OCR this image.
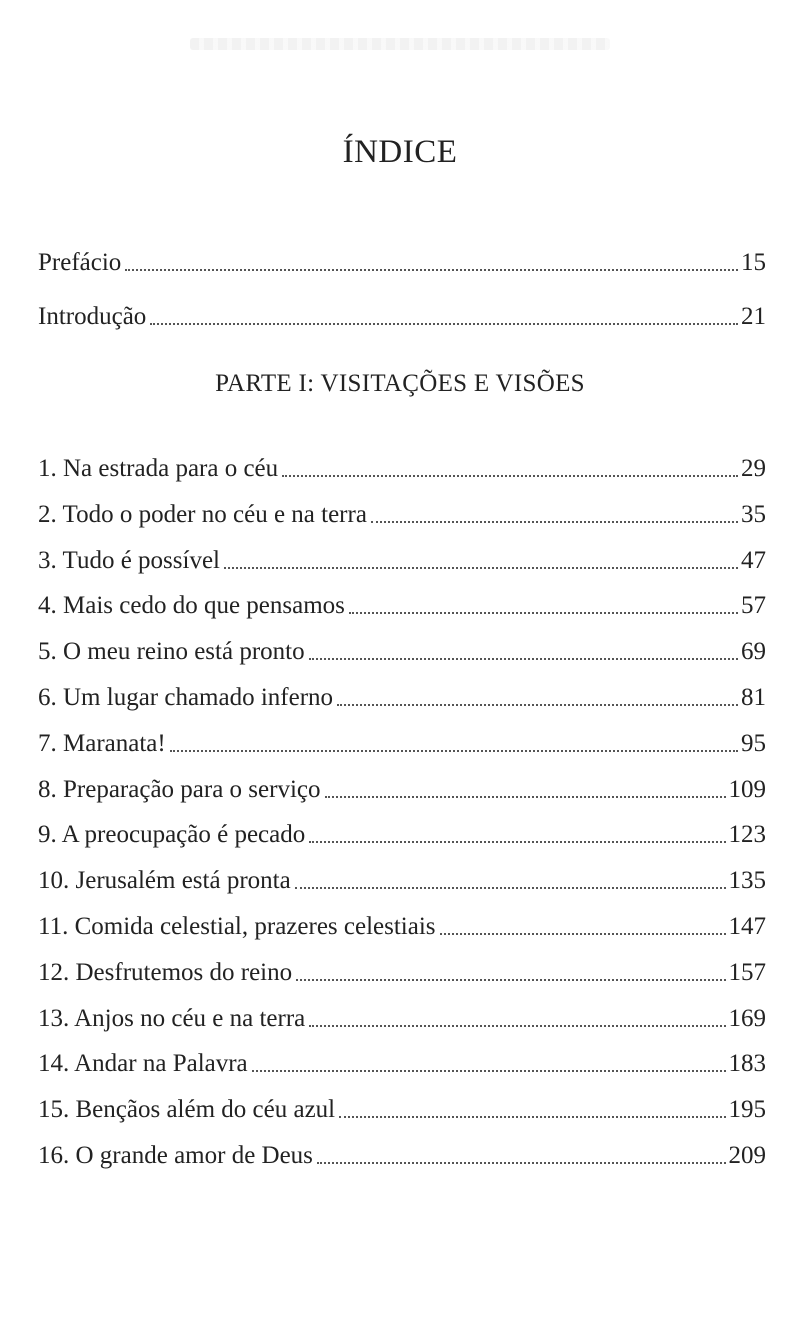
ÍNDICE
Prefácio	15
Introdução	21
PARTE I: VISITAÇÕES E VISÕES
1. Na estrada para o céu	29
2. Todo o poder no céu e na terra	35
3. Tudo é possível	47
4. Mais cedo do que pensamos	57
5. O meu reino está pronto	69
6. Um lugar chamado inferno	81
7. Maranata!	95
8. Preparação para o serviço	109
9. A preocupação é pecado	123
10. Jerusalém está pronta	135
11. Comida celestial, prazeres celestiais	147
12. Desfrutemos do reino	157
13. Anjos no céu e na terra	169
14. Andar na Palavra	183
15. Bençãos além do céu azul	195
16. O grande amor de Deus	209
